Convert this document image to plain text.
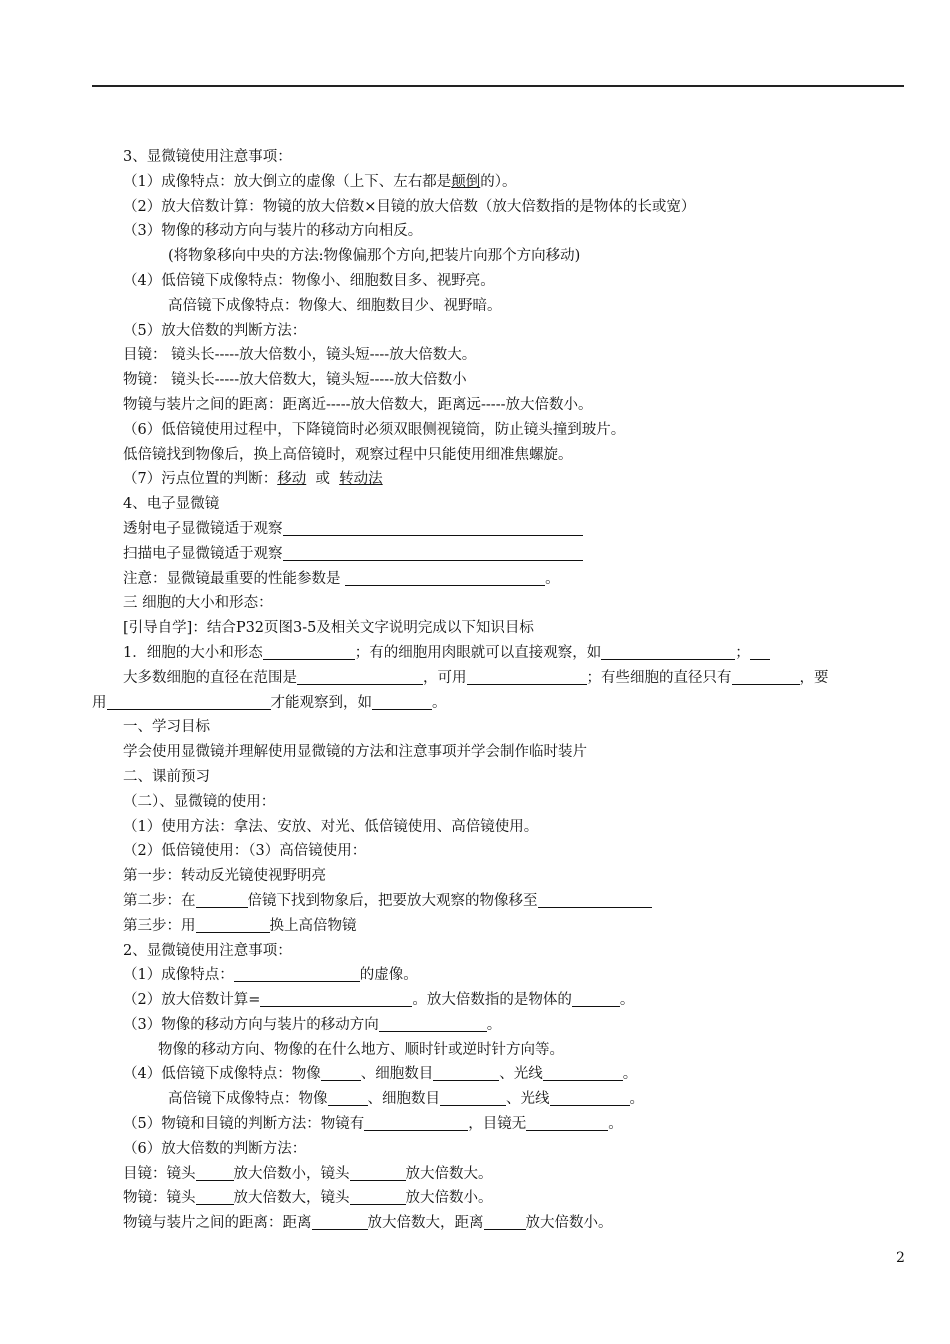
3、显微镜使用注意事项：
（1）成像特点：放大倒立的虚像（上下、左右都是颠倒的）。
（2）放大倍数计算：物镜的放大倍数×目镜的放大倍数（放大倍数指的是物体的长或宽）
（3）物像的移动方向与装片的移动方向相反。
(将物象移向中央的方法:物像偏那个方向,把装片向那个方向移动)
（4）低倍镜下成像特点：物像小、细胞数目多、视野亮。
高倍镜下成像特点：物像大、细胞数目少、视野暗。
（5）放大倍数的判断方法：
目镜： 镜头长-----放大倍数小，镜头短----放大倍数大。
物镜： 镜头长-----放大倍数大，镜头短-----放大倍数小
物镜与装片之间的距离：距离近-----放大倍数大，距离远-----放大倍数小。
（6）低倍镜使用过程中，下降镜筒时必须双眼侧视镜筒，防止镜头撞到玻片。
低倍镜找到物像后，换上高倍镜时，观察过程中只能使用细准焦螺旋。
（7）污点位置的判断：移动  或  转动法
4、电子显微镜
透射电子显微镜适于观察
扫描电子显微镜适于观察
注意：显微镜最重要的性能参数是	。
三 细胞的大小和形态：
[引导自学]：结合P32页图3-5及相关文字说明完成以下知识目标
1．细胞的大小和形态	；有的细胞用肉眼就可以直接观察，如	；
大多数细胞的直径在范围是	，可用	；有些细胞的直径只有	，要
用	才能观察到，如	。
一、学习目标
学会使用显微镜并理解使用显微镜的方法和注意事项并学会制作临时装片
二、课前预习
（二）、显微镜的使用：
（1）使用方法：拿法、安放、对光、低倍镜使用、高倍镜使用。
（2）低倍镜使用：（3）高倍镜使用：
第一步：转动反光镜使视野明亮
第二步：在	倍镜下找到物象后，把要放大观察的物像移至
第三步：用	换上高倍物镜
2、显微镜使用注意事项：
（1）成像特点：	的虚像。
（2）放大倍数计算=	。放大倍数指的是物体的	。
（3）物像的移动方向与装片的移动方向	。
物像的移动方向、物像的在什么地方、顺时针或逆时针方向等。
（4）低倍镜下成像特点：物像	、细胞数目	、光线	。
高倍镜下成像特点：物像	、细胞数目	、光线	。
（5）物镜和目镜的判断方法：物镜有	，目镜无	。
（6）放大倍数的判断方法：
目镜：镜头	放大倍数小，镜头	放大倍数大。
物镜：镜头	放大倍数大，镜头	放大倍数小。
物镜与装片之间的距离：距离	放大倍数大，距离	放大倍数小。
2
